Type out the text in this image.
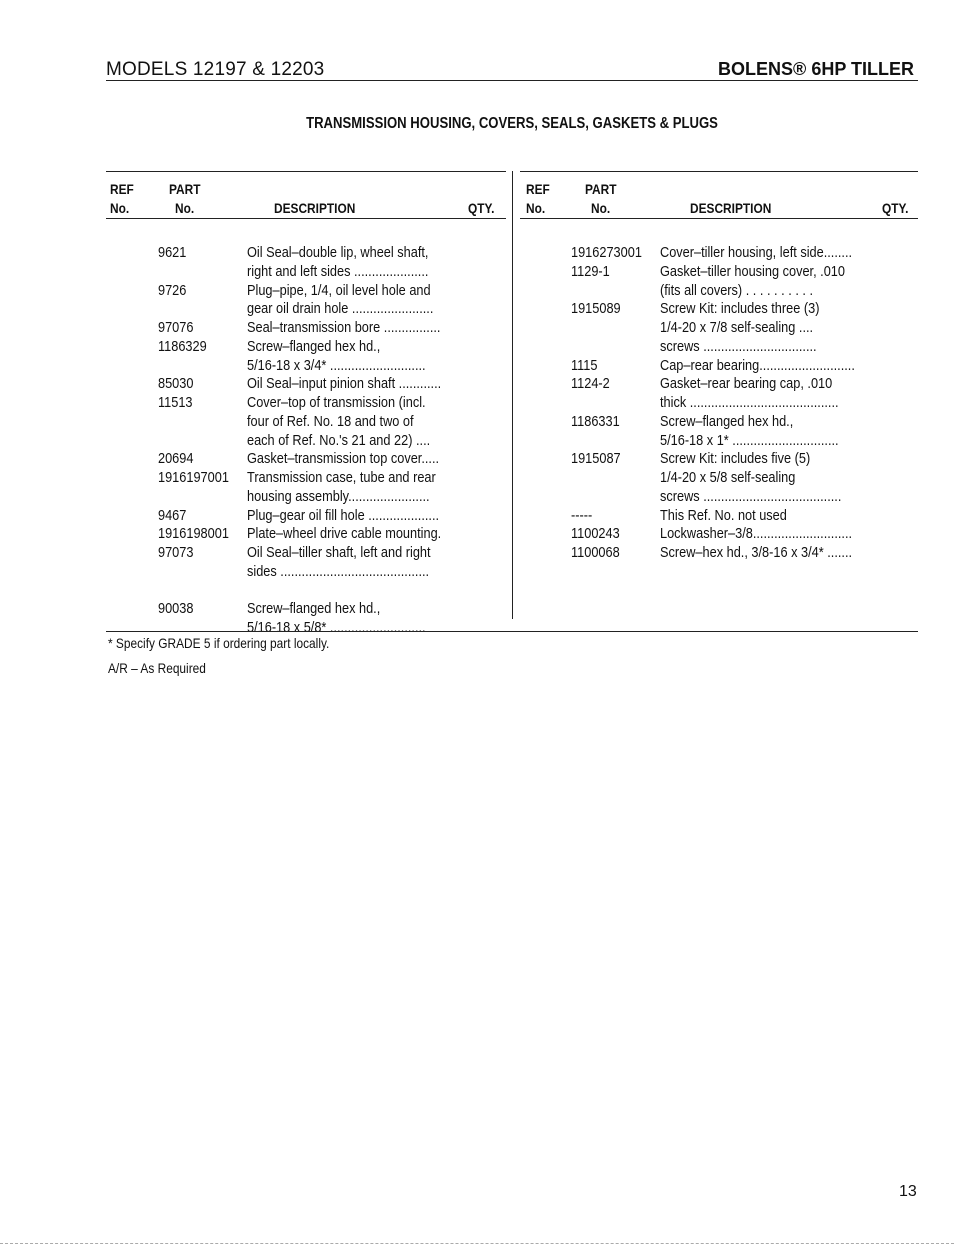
MODELS 12197 & 12203	BOLENS® 6HP TILLER
TRANSMISSION HOUSING, COVERS, SEALS, GASKETS & PLUGS
REF
No.
PART
No.	DESCRIPTION	QTY.
REF
No.
PART
No.	DESCRIPTION	QTY.
9621	Oil Seal–double lip, wheel shaft,
right and left sides .....................
9726	Plug–pipe, 1/4, oil level hole and
gear oil drain hole .......................
97076	Seal–transmission bore ................
1186329	Screw–flanged hex hd.,
5/16-18 x 3/4* ...........................
85030	Oil Seal–input pinion shaft ............
11513	Cover–top of transmission (incl.
four of Ref. No. 18 and two of
each of Ref. No.'s 21 and 22) ....
20694	Gasket–transmission top cover.....
1916197001 Transmission case, tube and rear
housing assembly.......................
9467	Plug–gear oil fill hole ....................
1916198001 Plate–wheel drive cable mounting.
97073	Oil Seal–tiller shaft, left and right
sides ..........................................
90038	Screw–flanged hex hd.,
5/16-18 x 5/8* ...........................
1916273001 Cover–tiller housing, left side........
1129-1	Gasket–tiller housing cover, .010
(fits all covers) . . . . . . . . . .
1915089	Screw Kit: includes three (3)
1/4-20 x 7/8 self-sealing ....
screws ................................
1115	Cap–rear bearing...........................
1124-2	Gasket–rear bearing cap, .010
thick ..........................................
1186331	Screw–flanged hex hd.,
5/16-18 x 1* ..............................
1915087	Screw Kit: includes five (5)
1/4-20 x 5/8 self-sealing
screws .......................................
-----	This Ref. No. not used
1100243	Lockwasher–3/8............................
1100068	Screw–hex hd., 3/8-16 x 3/4* .......
* Specify GRADE 5 if ordering part locally.
A/R – As Required
13
